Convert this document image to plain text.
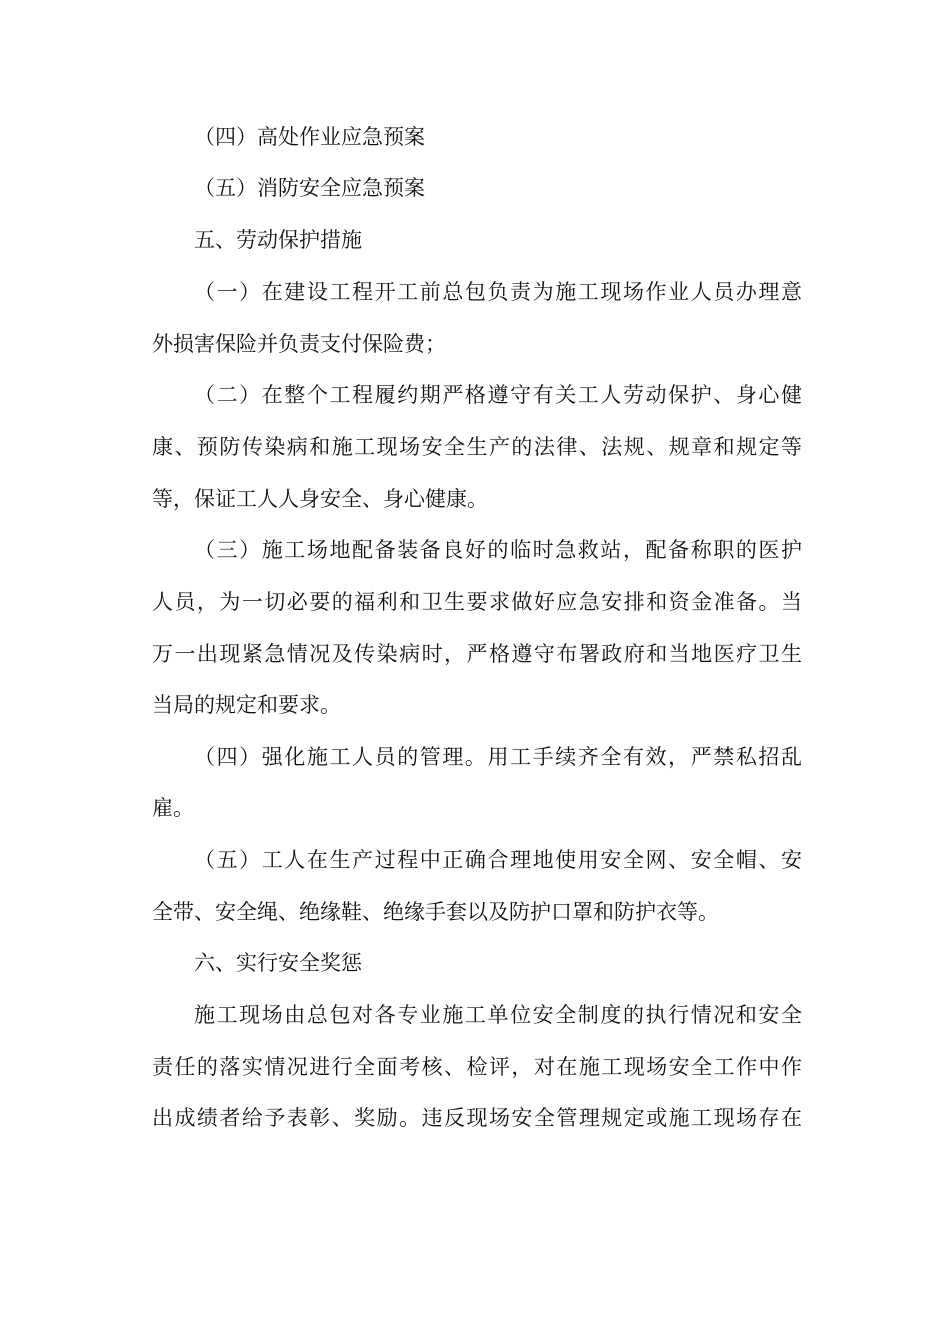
（四）高处作业应急预案
（五）消防安全应急预案
五、劳动保护措施
（一）在建设工程开工前总包负责为施工现场作业人员办理意
外损害保险并负责支付保险费；
（二）在整个工程履约期严格遵守有关工人劳动保护、身心健
康、预防传染病和施工现场安全生产的法律、法规、规章和规定等
等，保证工人人身安全、身心健康。
（三）施工场地配备装备良好的临时急救站，配备称职的医护
人员，为一切必要的福利和卫生要求做好应急安排和资金准备。当
万一出现紧急情况及传染病时，严格遵守布署政府和当地医疗卫生
当局的规定和要求。
（四）强化施工人员的管理。用工手续齐全有效，严禁私招乱
雇。
（五）工人在生产过程中正确合理地使用安全网、安全帽、安
全带、安全绳、绝缘鞋、绝缘手套以及防护口罩和防护衣等。
六、实行安全奖惩
施工现场由总包对各专业施工单位安全制度的执行情况和安全
责任的落实情况进行全面考核、检评，对在施工现场安全工作中作
出成绩者给予表彰、奖励。违反现场安全管理规定或施工现场存在
